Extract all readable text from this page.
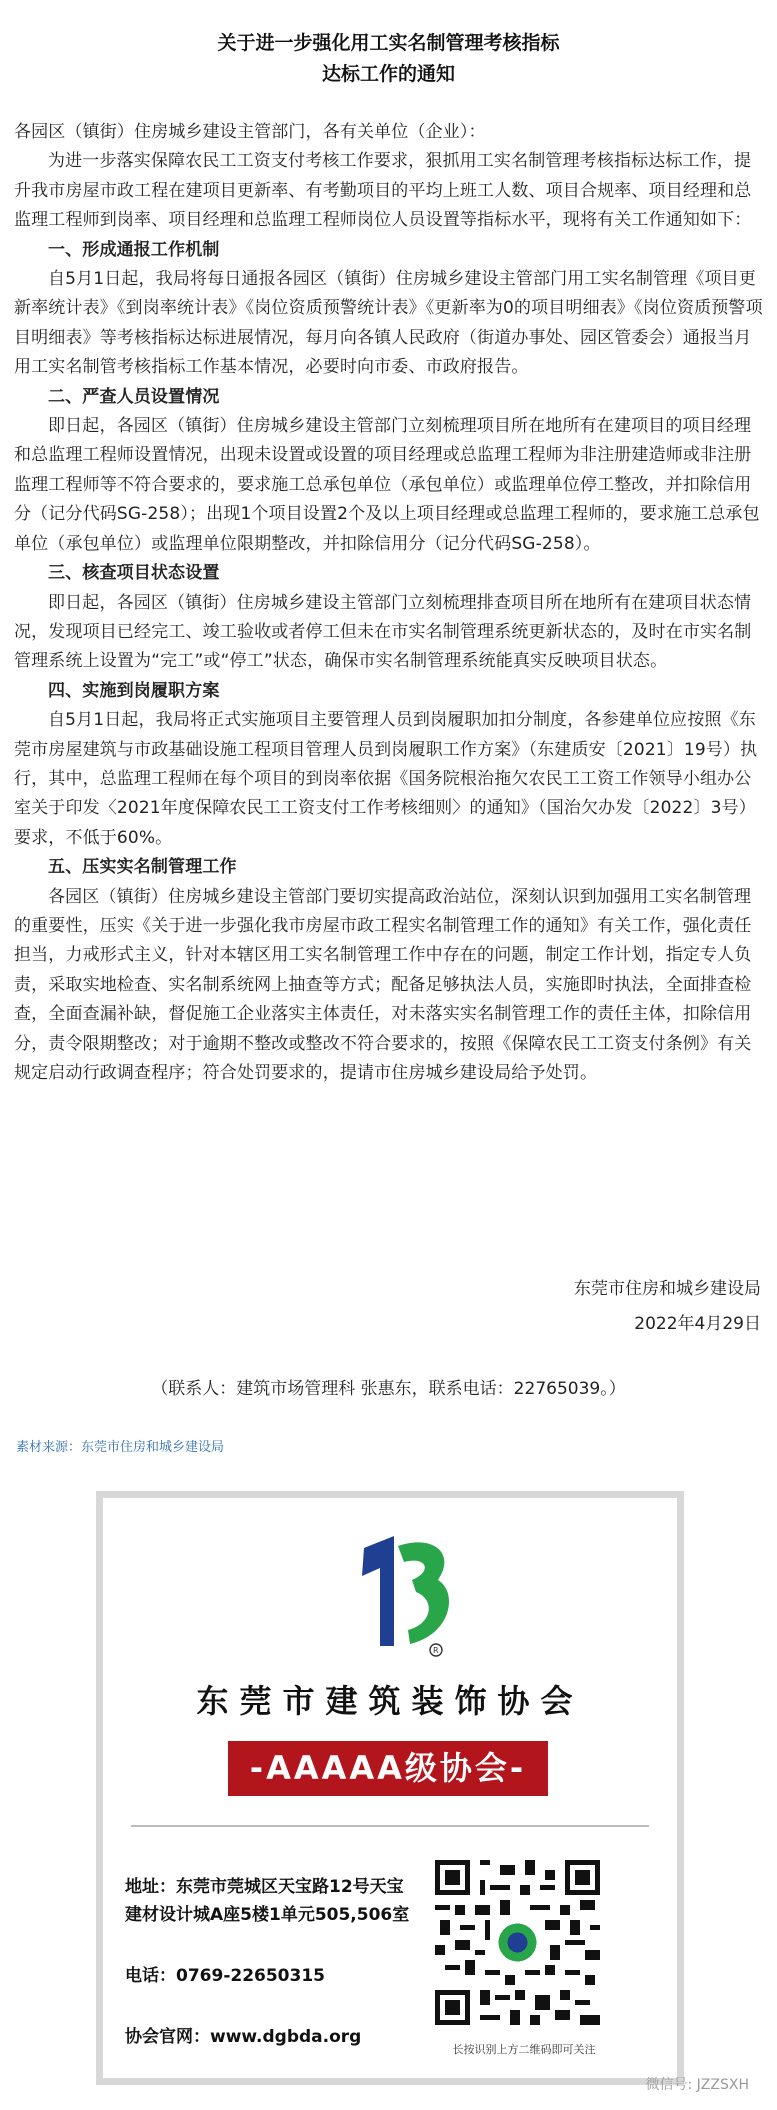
关于进一步强化用工实名制管理考核指标
达标工作的通知

各园区（镇街）住房城乡建设主管部门，各有关单位（企业）：

为进一步落实保障农民工工资支付考核工作要求，狠抓用工实名制管理考核指标达标工作，提升我市房屋市政工程在建项目更新率、有考勤项目的平均上班工人数、项目合规率、项目经理和总监理工程师到岗率、项目经理和总监理工程师岗位人员设置等指标水平，现将有关工作通知如下：

一、形成通报工作机制

自5月1日起，我局将每日通报各园区（镇街）住房城乡建设主管部门用工实名制管理《项目更新率统计表》《到岗率统计表》《岗位资质预警统计表》《更新率为0的项目明细表》《岗位资质预警项目明细表》等考核指标达标进展情况，每月向各镇人民政府（街道办事处、园区管委会）通报当月用工实名制管考核指标工作基本情况，必要时向市委、市政府报告。

二、严查人员设置情况

即日起，各园区（镇街）住房城乡建设主管部门立刻梳理项目所在地所有在建项目的项目经理和总监理工程师设置情况，出现未设置或设置的项目经理或总监理工程师为非注册建造师或非注册监理工程师等不符合要求的，要求施工总承包单位（承包单位）或监理单位停工整改，并扣除信用分（记分代码SG-258）；出现1个项目设置2个及以上项目经理或总监理工程师的，要求施工总承包单位（承包单位）或监理单位限期整改，并扣除信用分（记分代码SG-258）。

三、核查项目状态设置

即日起，各园区（镇街）住房城乡建设主管部门立刻梳理排查项目所在地所有在建项目状态情况，发现项目已经完工、竣工验收或者停工但未在市实名制管理系统更新状态的，及时在市实名制管理系统上设置为“完工”或“停工”状态，确保市实名制管理系统能真实反映项目状态。

四、实施到岗履职方案

自5月1日起，我局将正式实施项目主要管理人员到岗履职加扣分制度，各参建单位应按照《东莞市房屋建筑与市政基础设施工程项目管理人员到岗履职工作方案》（东建质安〔2021〕19号）执行，其中，总监理工程师在每个项目的到岗率依据《国务院根治拖欠农民工工资工作领导小组办公室关于印发〈2021年度保障农民工工资支付工作考核细则〉的通知》（国治欠办发〔2022〕3号）要求，不低于60%。

五、压实实名制管理工作

各园区（镇街）住房城乡建设主管部门要切实提高政治站位，深刻认识到加强用工实名制管理的重要性，压实《关于进一步强化我市房屋市政工程实名制管理工作的通知》有关工作，强化责任担当，力戒形式主义，针对本辖区用工实名制管理工作中存在的问题，制定工作计划，指定专人负责，采取实地检查、实名制系统网上抽查等方式；配备足够执法人员，实施即时执法，全面排查检查，全面查漏补缺，督促施工企业落实主体责任，对未落实实名制管理工作的责任主体，扣除信用分，责令限期整改；对于逾期不整改或整改不符合要求的，按照《保障农民工工资支付条例》有关规定启动行政调查程序；符合处罚要求的，提请市住房城乡建设局给予处罚。

东莞市住房和城乡建设局
2022年4月29日
（联系人：建筑市场管理科 张惠东，联系电话：22765039。）
素材来源：东莞市住房和城乡建设局
R
东莞市建筑装饰协会
-AAAAA级协会-

地址：东莞市莞城区天宝路12号天宝建材设计城A座5楼1单元505,506室

电话：0769-22650315

协会官网：www.dgbda.org

长按识别上方二维码即可关注
微信号: JZZSXH
